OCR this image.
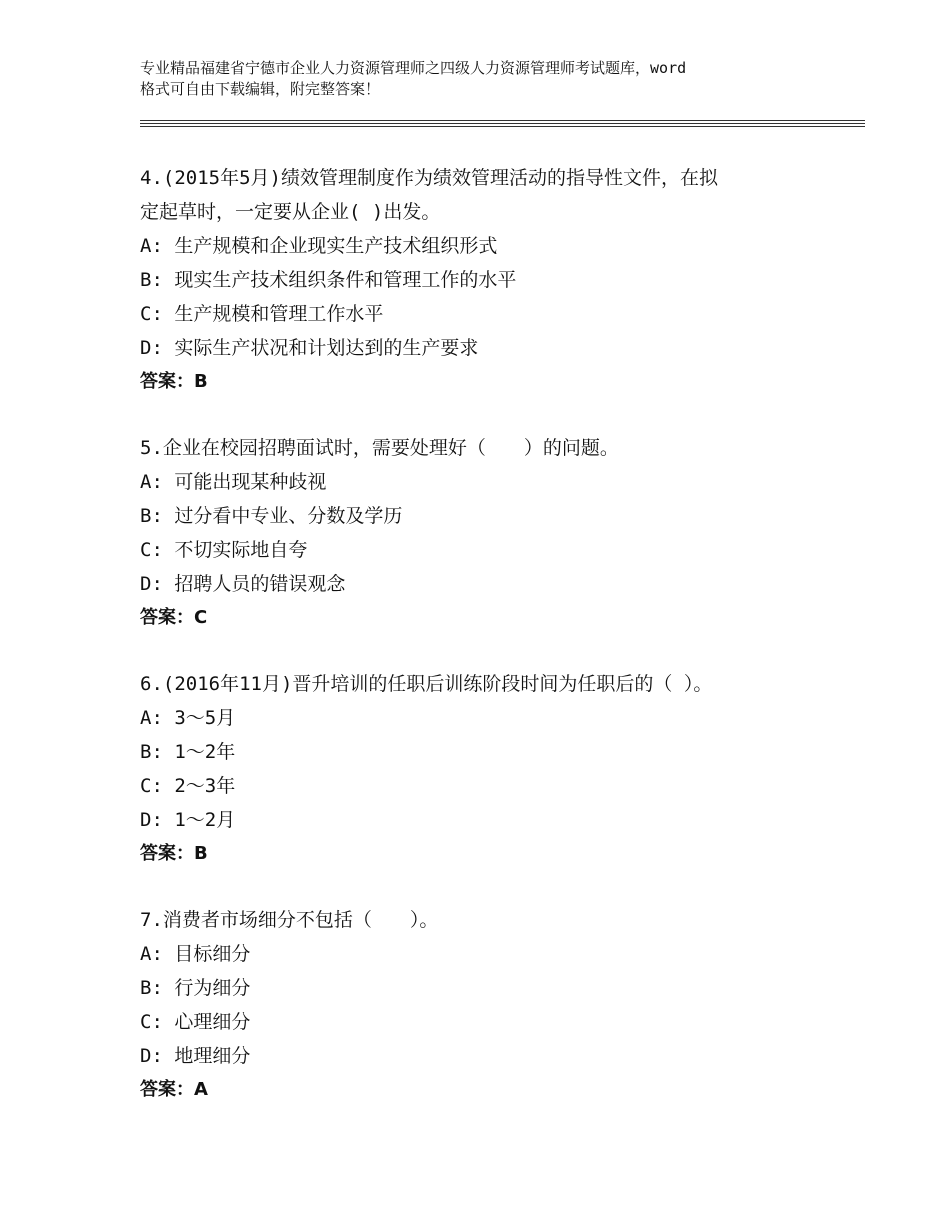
专业精品福建省宁德市企业人力资源管理师之四级人力资源管理师考试题库，word
格式可自由下载编辑，附完整答案！
4.(2015年5月)绩效管理制度作为绩效管理活动的指导性文件，在拟
定起草时，一定要从企业( )出发。
A: 生产规模和企业现实生产技术组织形式
B: 现实生产技术组织条件和管理工作的水平
C: 生产规模和管理工作水平
D: 实际生产状况和计划达到的生产要求
答案：B
5.企业在校园招聘面试时，需要处理好（　　）的问题。
A: 可能出现某种歧视
B: 过分看中专业、分数及学历
C: 不切实际地自夸
D: 招聘人员的错误观念
答案：C
6.(2016年11月)晋升培训的任职后训练阶段时间为任职后的（ ）。
A: 3～5月
B: 1～2年
C: 2～3年
D: 1～2月
答案：B
7.消费者市场细分不包括（　　）。
A: 目标细分
B: 行为细分
C: 心理细分
D: 地理细分
答案：A
